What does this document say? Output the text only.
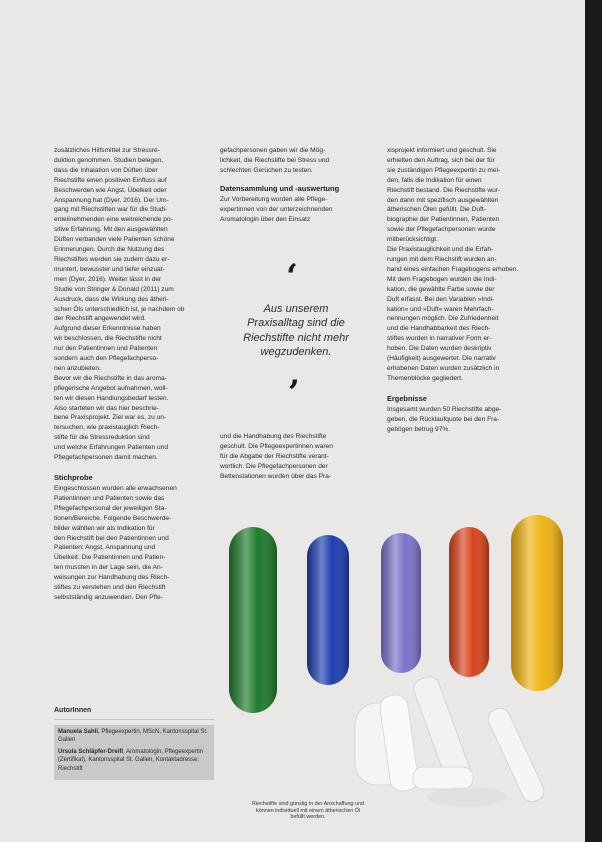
zusätzliches Hilfsmittel zur Stressre-

duktion genommen. Studien belegen,

dass die Inhalation von Düften über

Riechstifte einen positiven Einfluss auf

Beschwerden wie Angst, Übelkeit oder

Anspannung hat (Dyer, 2016). Der Um-

gang mit Riechstiften war für die Studi-

enteilnehmenden eine weitreichende po-

sitive Erfahrung. Mit den ausgewählten

Düften verbanden viele Patienten schöne

Erinnerungen. Durch die Nutzung des

Riechstiftes werden sie zudem dazu er-

muntert, bewusster und tiefer einzuat-

men (Dyer, 2016). Weiter lässt in der

Studie von Stringer & Donald (2011) zum

Ausdruck, dass die Wirkung des ätheri-

schen Öls unterschiedlich ist, je nachdem ob

der Riechstift angewendet wird.

Aufgrund dieser Erkenntnisse haben

wir beschlossen, die Riechstifte nicht

nur den Patientinnen und Patienten

sondern auch den Pflegefachperso-

nen anzubieten.

Bevor wir die Riechstifte in das aroma-

pflegerische Angebot aufnahmen, woll-

ten wir diesen Handlungsbedarf testen.

Also starteten wir das hier beschrie-

bene Praxisprojekt. Ziel war es, zu un-

tersuchen, wie praxistauglich Riech-

stifte für die Stressreduktion sind

und welche Erfahrungen Patienten und

Pflegefachpersonen damit machen.

Stichprobe

Eingeschlossen wurden alle erwachsenen

Patientinnen und Patienten sowie das

Pflegefachpersonal der jeweiligen Sta-

tionen/Bereiche. Folgende Beschwerde-

bilder wählten wir als Indikation für

den Riechstift bei den Patientinnen und

Patienten: Angst, Anspannung und

Übelkeit. Die Patientinnen und Patien-

ten mussten in der Lage sein, die An-

weisungen zur Handhabung des Riech-

stiftes zu verstehen und den Riechstift

selbstständig anzuwenden. Den Pfle-

gefachpersonen gaben wir die Mög-

lichkeit, die Riechstifte bei Stress und

schlechten Gerüchen zu testen.

Datensammlung und -auswertung

Zur Vorbereitung wurden alle Pflege-

expertinnen von der unterzeichnenden

Aromatologin über den Einsatz

‘
Aus unserem Praxisalltag sind die Riechstifte nicht mehr wegzudenken.
’

und die Handhabung des Riechstifte

geschult. Die Pflegeexpertinnen waren

für die Abgabe der Riechstifte verant-

wortlich. Die Pflegefachpersonen der

Bettenstationen wurden über das Pra-

xisprojekt informiert und geschult. Sie

erhielten den Auftrag, sich bei der für

sie zuständigen Pflegeexpertin zu mel-

den, falls die Indikation für einen

Riechstift bestand. Die Riechstifte wur-

den dann mit spezifisch ausgewählten

ätherischen Ölen gefüllt. Die Duft-

biographie der Patientinnen, Patienten

sowie der Pflegefachpersonen wurde

mitberücksichtigt.

Die Praxistauglichkeit und die Erfah-

rungen mit dem Riechstift wurden an-

hand eines einfachen Fragebogens erhoben.

Mit dem Fragebogen wurden die Indi-

kation, die gewählte Farbe sowie der

Duft erfasst. Bei den Variablen »Indi-

kation« und »Duft« waren Mehrfach-

nennungen möglich. Die Zufriedenheit

und die Handhabbarkeit des Riech-

stiftes wurden in narrativer Form er-

hoben. Die Daten wurden deskriptiv

(Häufigkeit) ausgewertet. Die narrativ

erhobenen Daten wurden zusätzlich in

Themenblöcke gegliedert.

Ergebnisse

Insgesamt wurden 50 Riechstifte abge-

geben, die Rücklaufquote bei den Fra-

gebögen betrug 97%.

Riechstifte sind günstig in der Anschaffung und können individuell mit einem ätherischen Öl befüllt werden.
AutorInnen
Manuela Sahli, Pflegeexpertin, MScN, Kantonsspital St. Gallen
Ursula Schläpfer-Dreifl, Aromatologin, Pflegeexpertin (Zertifikat), Kantonsspital St. Gallen, Kontaktadresse: Riechstift
